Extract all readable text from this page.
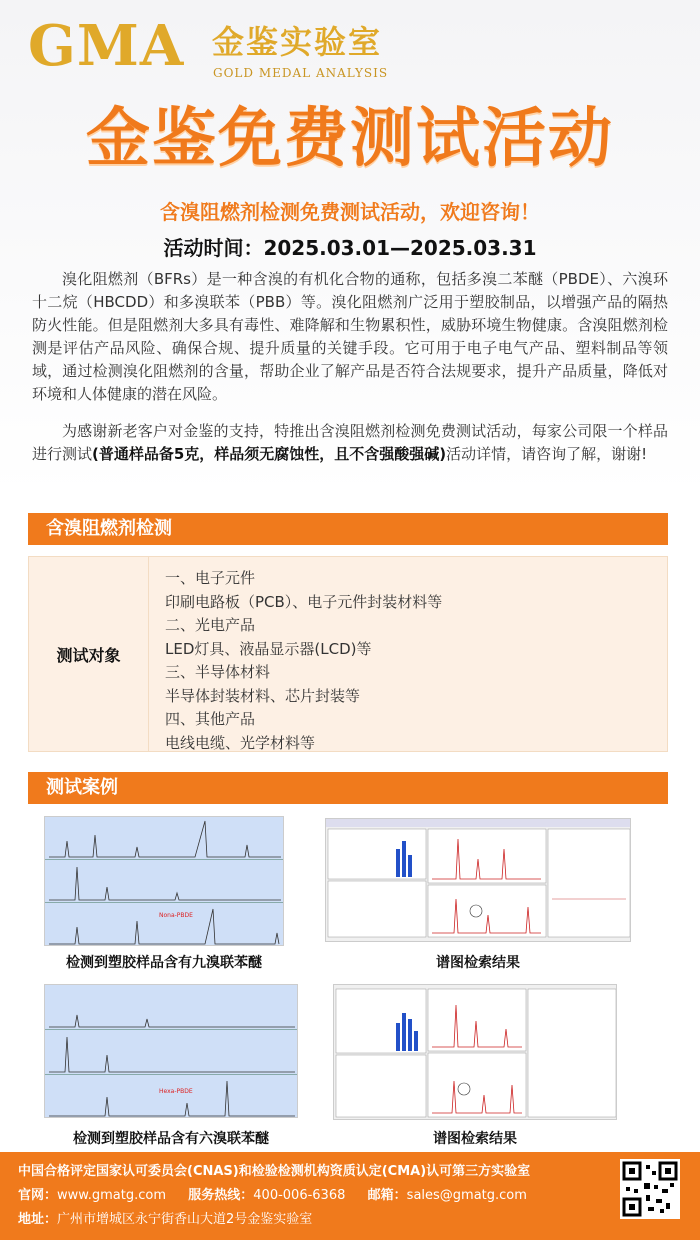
GMA 金鉴实验室
GOLD MEDAL ANALYSIS
金鉴免费测试活动
含溴阻燃剂检测免费测试活动，欢迎咨询！
活动时间：2025.03.01—2025.03.31

溴化阻燃剂（BFRs）是一种含溴的有机化合物的通称，包括多溴二苯醚（PBDE）、六溴环十二烷（HBCDD）和多溴联苯（PBB）等。溴化阻燃剂广泛用于塑胶制品，以增强产品的隔热防火性能。但是阻燃剂大多具有毒性、难降解和生物累积性，威胁环境生物健康。含溴阻燃剂检测是评估产品风险、确保合规、提升质量的关键手段。它可用于电子电气产品、塑料制品等领域，通过检测溴化阻燃剂的含量，帮助企业了解产品是否符合法规要求，提升产品质量，降低对环境和人体健康的潜在风险。

为感谢新老客户对金鉴的支持，特推出含溴阻燃剂检测免费测试活动，每家公司限一个样品进行测试(普通样品备5克，样品须无腐蚀性，且不含强酸强碱)活动详情，请咨询了解，谢谢!

含溴阻燃剂检测
测试对象
一、电子元件
印刷电路板（PCB）、电子元件封装材料等
二、光电产品
LED灯具、液晶显示器(LCD)等
三、半导体材料
半导体封装材料、芯片封装等
四、其他产品
电线电缆、光学材料等
测试案例
Nona-PBDE
检测到塑胶样品含有九溴联苯醚	谱图检索结果
Hexa-PBDE
检测到塑胶样品含有六溴联苯醚	谱图检索结果
中国合格评定国家认可委员会(CNAS)和检验检测机构资质认定(CMA)认可第三方实验室
官网：www.gmatg.com 服务热线：400-006-6368 邮箱：sales@gmatg.com
地址：广州市增城区永宁街香山大道2号金鉴实验室
